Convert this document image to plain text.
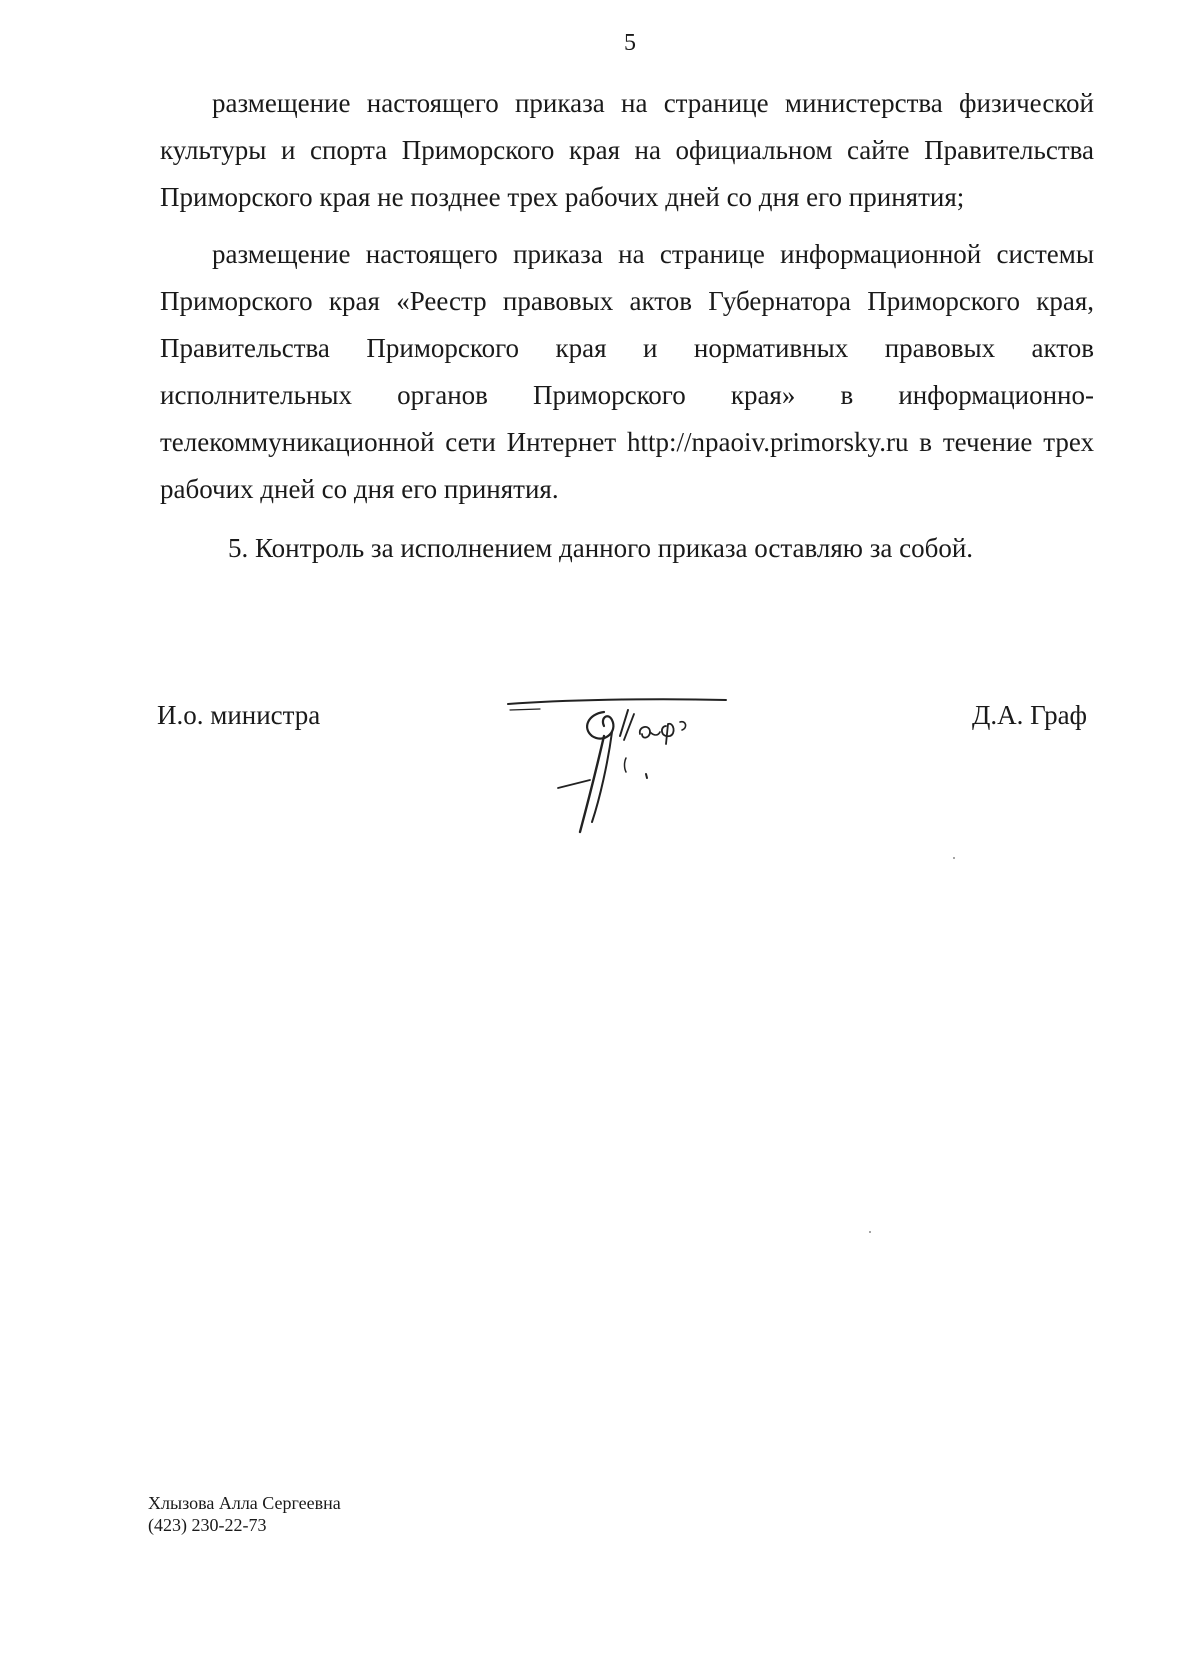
5

размещение настоящего приказа на странице министерства физической культуры и спорта Приморского края на официальном сайте Правительства Приморского края не позднее трех рабочих дней со дня его принятия;

размещение настоящего приказа на странице информационной системы Приморского края «Реестр правовых актов Губернатора Приморского края, Правительства Приморского края и нормативных правовых актов исполнительных органов Приморского края» в информационно-телекоммуникационной сети Интернет http://npaoiv.primorsky.ru в течение трех рабочих дней со дня его принятия.

5. Контроль за исполнением данного приказа оставляю за собой.

И.о. министра	Д.А. Граф
Хлызова Алла Сергеевна
(423) 230-22-73
